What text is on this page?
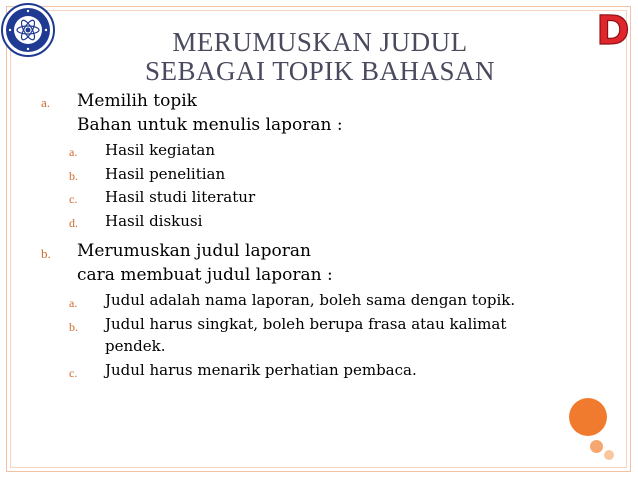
D
MERUMUSKAN JUDUL
SEBAGAI TOPIK BAHASAN
a. Memilih topik
Bahan untuk menulis laporan :
a. Hasil kegiatan
b. Hasil penelitian
c. Hasil studi literatur
d. Hasil diskusi
b. Merumuskan judul laporan
cara membuat judul laporan :
a. Judul adalah nama laporan, boleh sama dengan topik.
b. Judul harus singkat, boleh berupa frasa atau kalimat
pendek.
c. Judul harus menarik perhatian pembaca.
